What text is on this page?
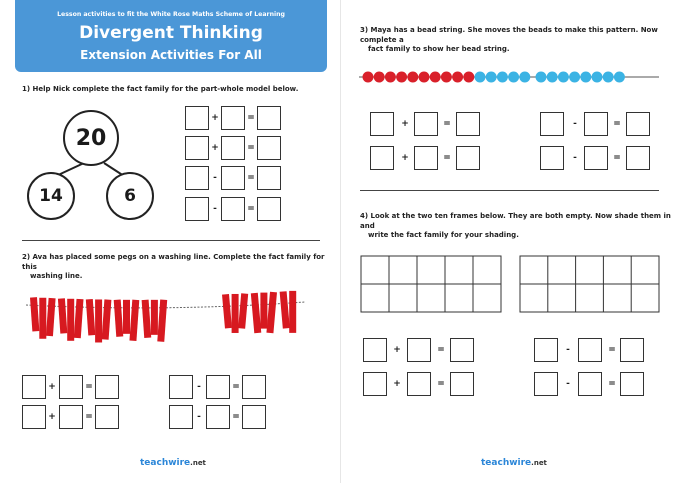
Lesson activities to fit the White Rose Maths Scheme of Learning
Divergent Thinking
Extension Activities For All
1) Help Nick complete the fact family for the part-whole model below.
20
14	6
+	=
+	=
-	=
-	=
2) Ava has placed some pegs on a washing line. Complete the fact family for this
washing line.
+	=
+	=
-	=
-	=
teachwire.net
3) Maya has a bead string. She moves the beads to make this pattern. Now complete a
fact family to show her bead string.
+	=
+	=
-	=
-	=
4) Look at the two ten frames below. They are both empty. Now shade them in and
write the fact family for your shading.
+	=
+	=
-	=
-	=
teachwire.net
